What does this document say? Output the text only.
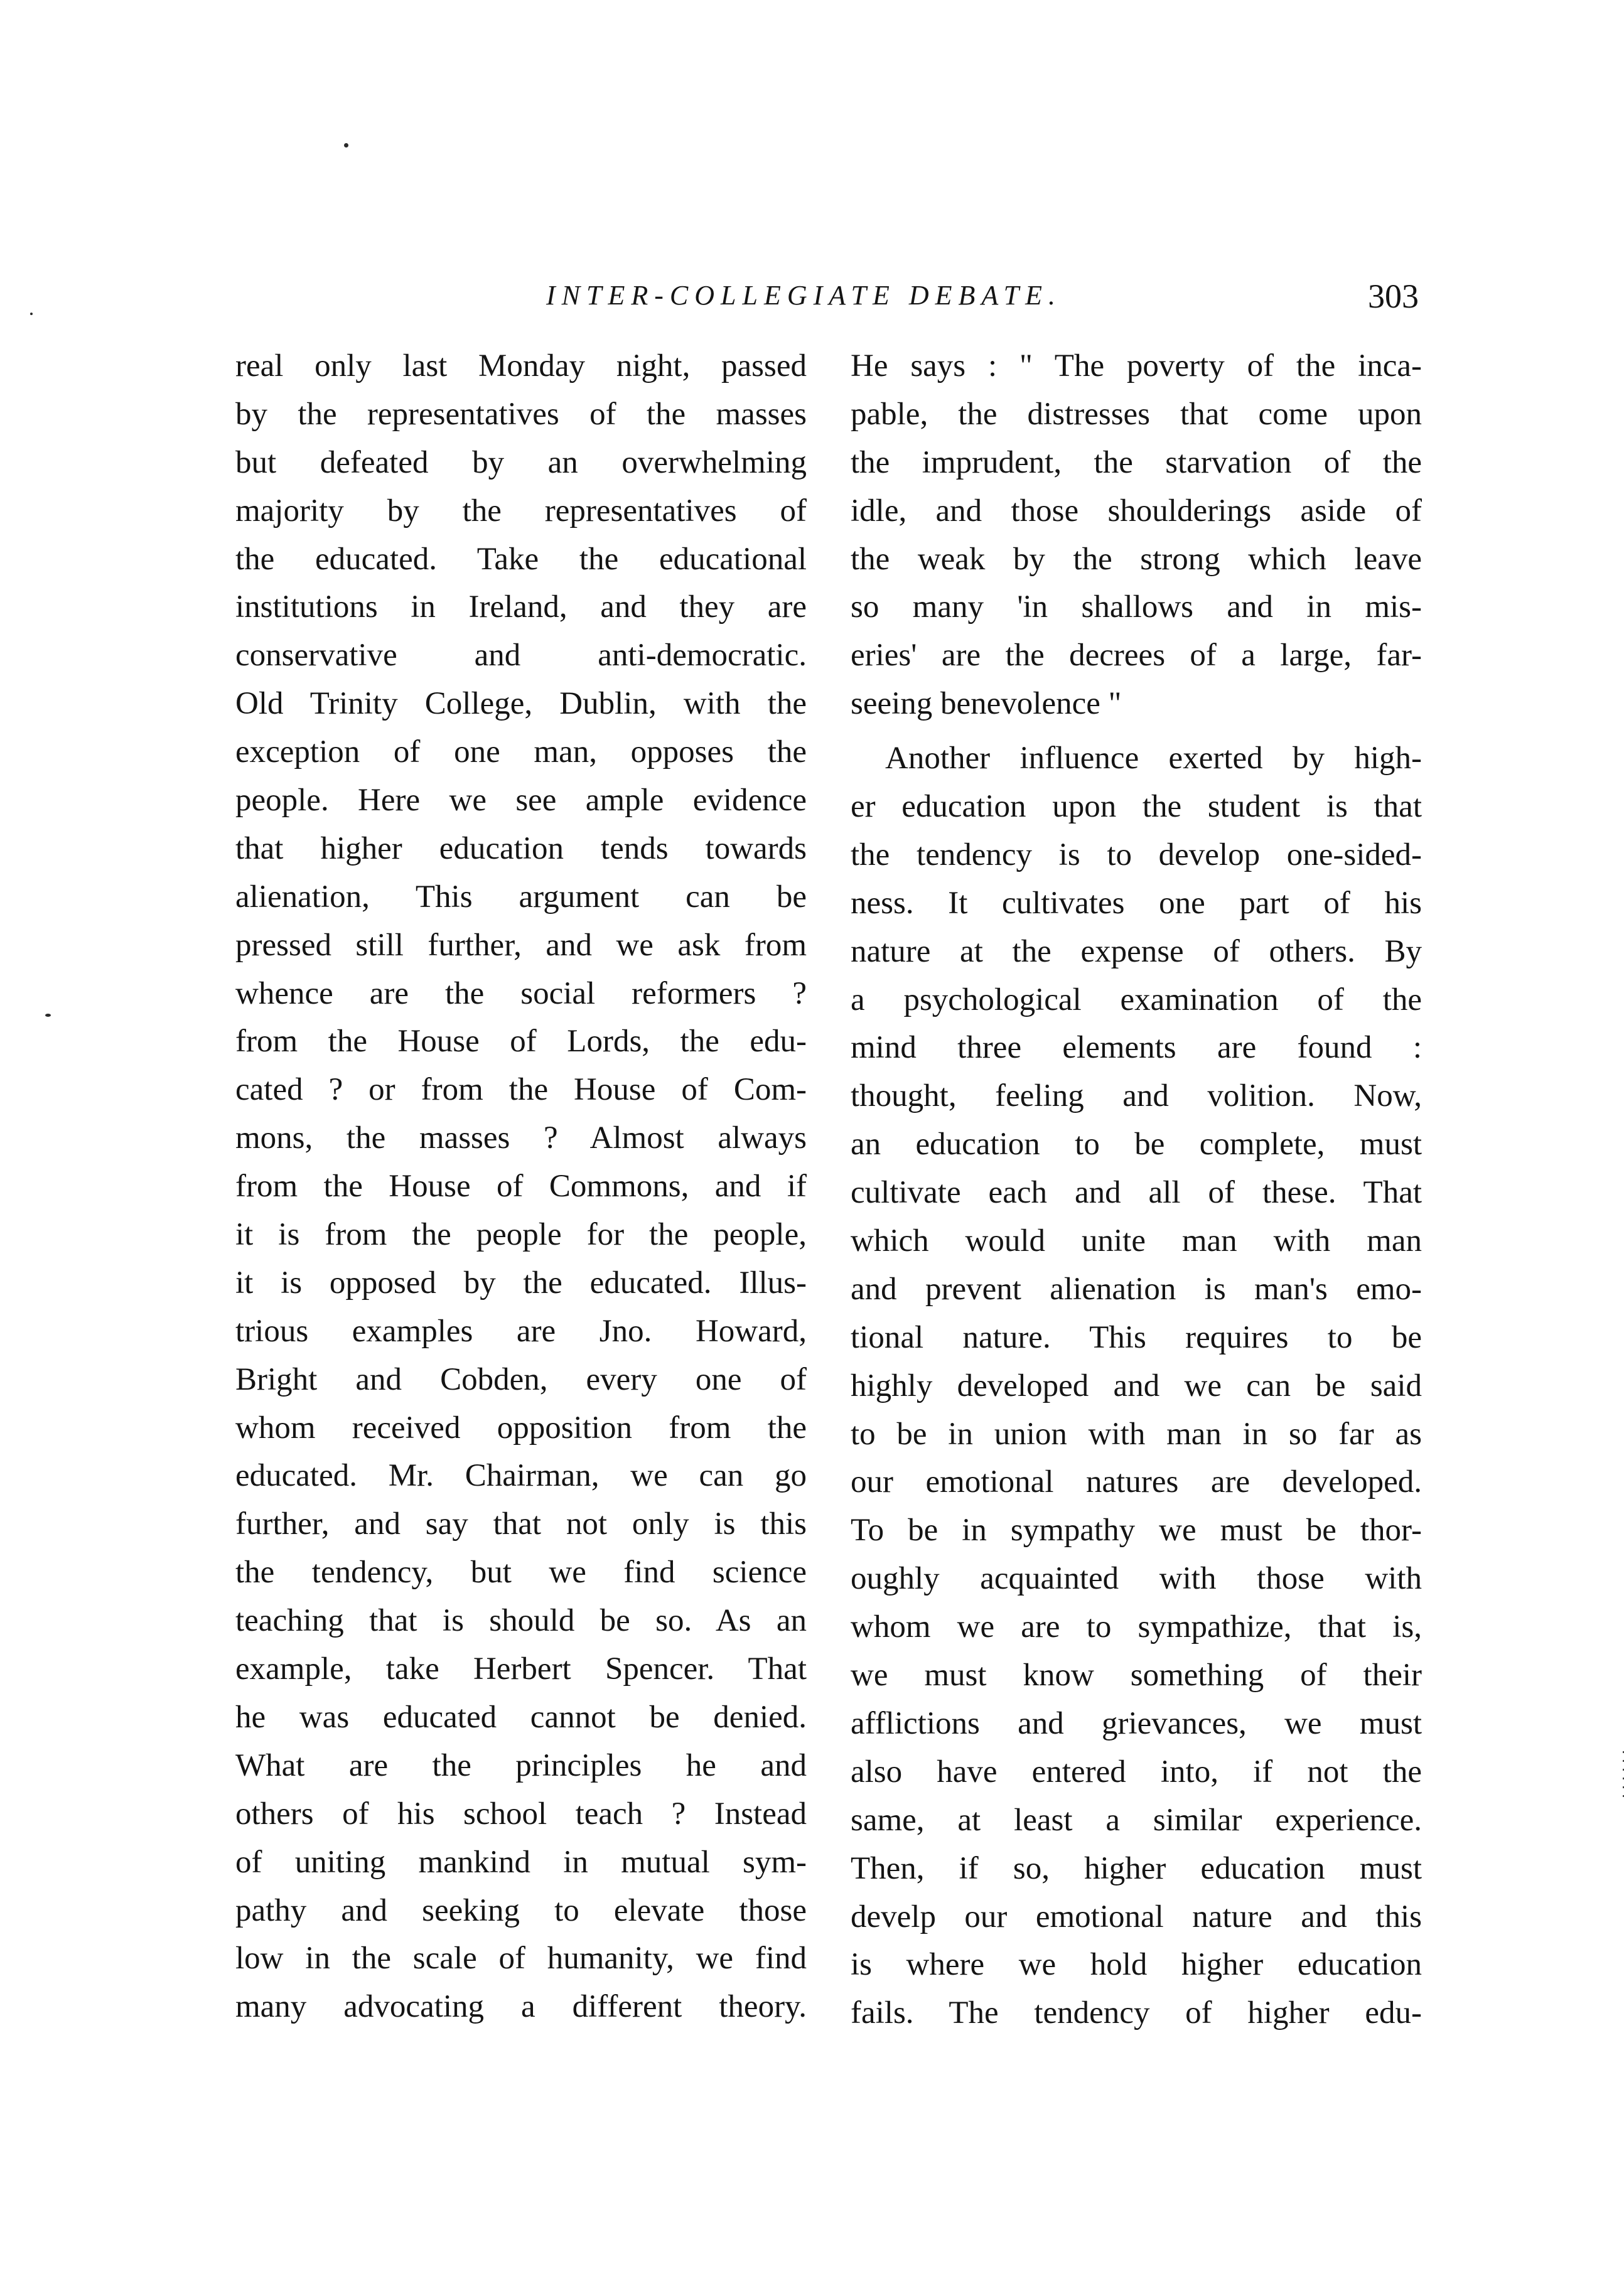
INTER-COLLEGIATE DEBATE.	303
real only last Monday night, passed
by the representatives of the masses
but defeated by an overwhelming
majority by the representatives of
the educated. Take the educational
institutions in Ireland, and they are
conservative and anti-democratic.
Old Trinity College, Dublin, with the
exception of one man, opposes the
people. Here we see ample evidence
that higher education tends towards
alienation, This argument can be
pressed still further, and we ask from
whence are the social reformers ?
from the House of Lords, the edu-
cated ? or from the House of Com-
mons, the masses ? Almost always
from the House of Commons, and if
it is from the people for the people,
it is opposed by the educated. Illus-
trious examples are Jno. Howard,
Bright and Cobden, every one of
whom received opposition from the
educated. Mr. Chairman, we can go
further, and say that not only is this
the tendency, but we find science
teaching that is should be so. As an
example, take Herbert Spencer. That
he was educated cannot be denied.
What are the principles he and
others of his school teach ? Instead
of uniting mankind in mutual sym-
pathy and seeking to elevate those
low in the scale of humanity, we find
many advocating a different theory.
He says : " The poverty of the inca-
pable, the distresses that come upon
the imprudent, the starvation of the
idle, and those shoulderings aside of
the weak by the strong which leave
so many 'in shallows and in mis-
eries' are the decrees of a large, far-
seeing benevolence "
Another influence exerted by high-
er education upon the student is that
the tendency is to develop one-sided-
ness. It cultivates one part of his
nature at the expense of others. By
a psychological examination of the
mind three elements are found :
thought, feeling and volition. Now,
an education to be complete, must
cultivate each and all of these. That
which would unite man with man
and prevent alienation is man's emo-
tional nature. This requires to be
highly developed and we can be said
to be in union with man in so far as
our emotional natures are developed.
To be in sympathy we must be thor-
oughly acquainted with those with
whom we are to sympathize, that is,
we must know something of their
afflictions and grievances, we must
also have entered into, if not the
same, at least a similar experience.
Then, if so, higher education must
develp our emotional nature and this
is where we hold higher education
fails. The tendency of higher edu-
